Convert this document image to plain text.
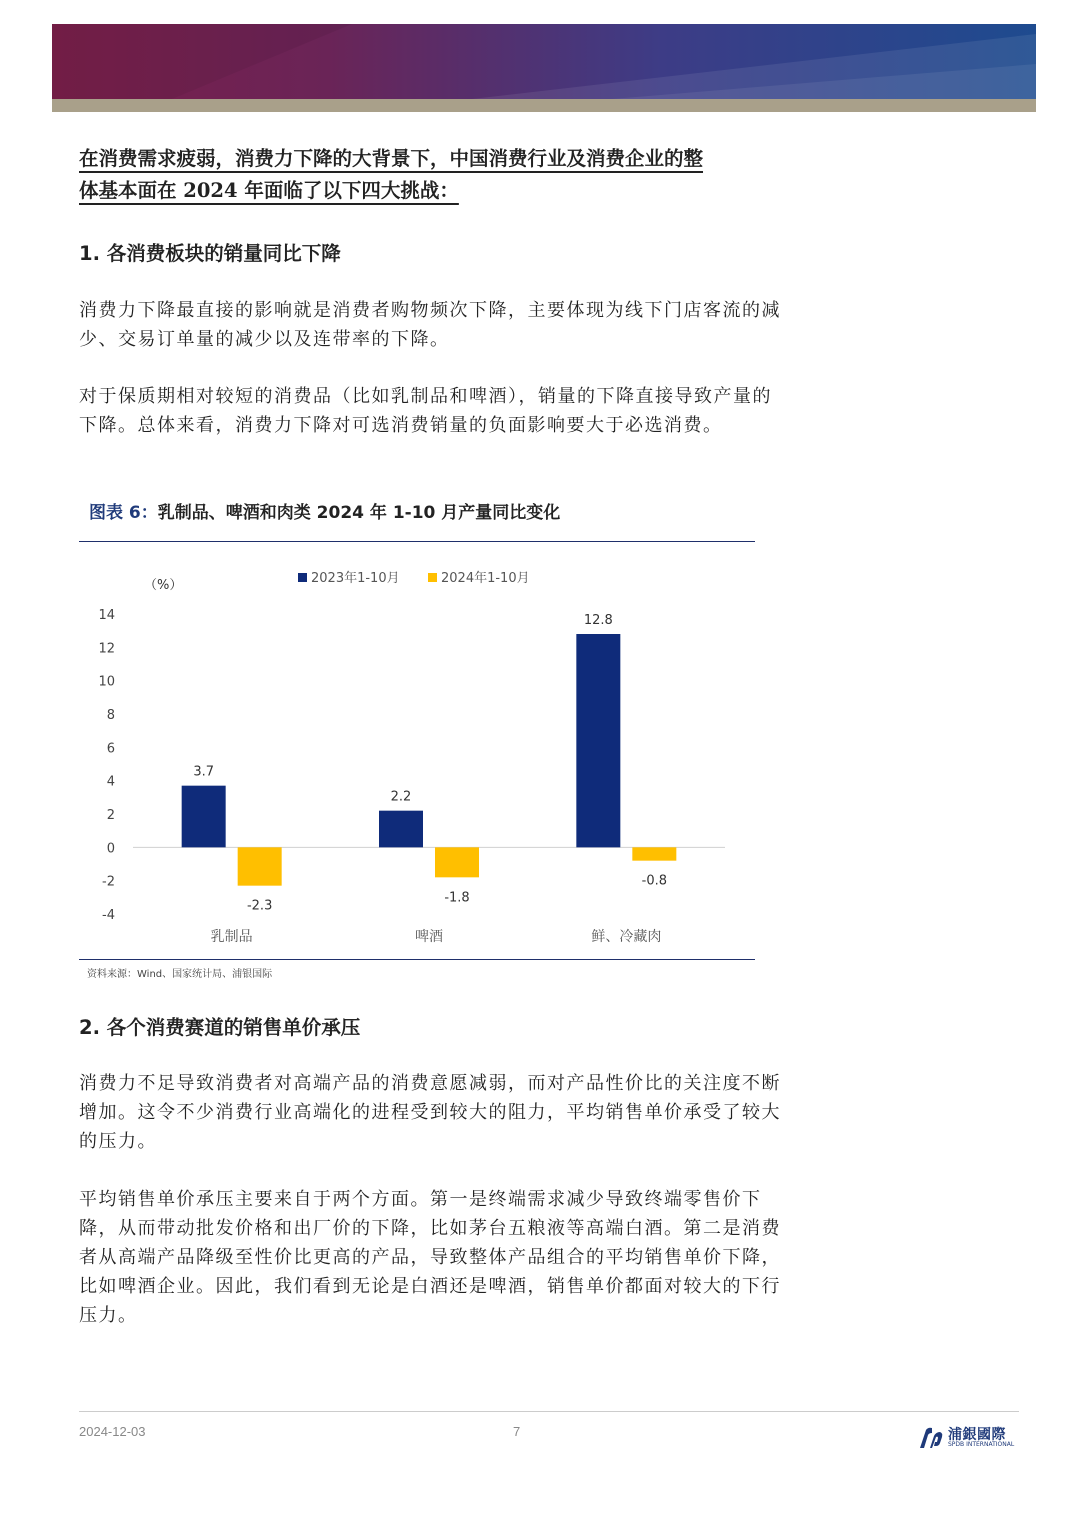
在消费需求疲弱，消费力下降的大背景下，中国消费行业及消费企业的整
体基本面在 2024 年面临了以下四大挑战：
1. 各消费板块的销量同比下降
消费力下降最直接的影响就是消费者购物频次下降，主要体现为线下门店客流的减少、交易订单量的减少以及连带率的下降。
对于保质期相对较短的消费品（比如乳制品和啤酒），销量的下降直接导致产量的下降。总体来看，消费力下降对可选消费销量的负面影响要大于必选消费。
图表 6：乳制品、啤酒和肉类 2024 年 1-10 月产量同比变化
（%）	2023年1-10月	2024年1-10月
-4
-2
0
2
4
6
8
10
12
14
3.7
-2.3
乳制品
2.2
-1.8
啤酒
12.8
-0.8
鲜、冷藏肉
资料来源：Wind、国家统计局、浦银国际
2. 各个消费赛道的销售单价承压
消费力不足导致消费者对高端产品的消费意愿减弱，而对产品性价比的关注度不断增加。这令不少消费行业高端化的进程受到较大的阻力，平均销售单价承受了较大的压力。
平均销售单价承压主要来自于两个方面。第一是终端需求减少导致终端零售价下降，从而带动批发价格和出厂价的下降，比如茅台五粮液等高端白酒。第二是消费者从高端产品降级至性价比更高的产品，导致整体产品组合的平均销售单价下降，比如啤酒企业。因此，我们看到无论是白酒还是啤酒，销售单价都面对较大的下行压力。
2024-12-03	7	浦銀國際
SPDB INTERNATIONAL
